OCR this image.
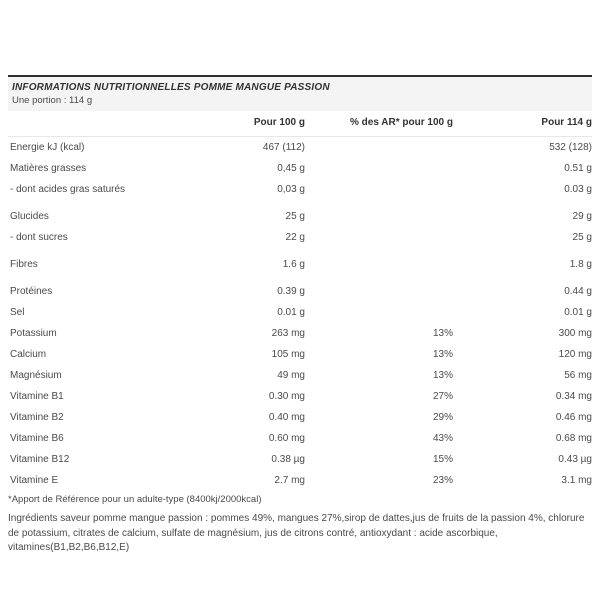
INFORMATIONS NUTRITIONNELLES POMME MANGUE PASSION
Une portion : 114 g
	Pour 100 g	% des AR* pour 100 g	Pour 114 g
Energie kJ (kcal)	467 (112)		532 (128)
Matières grasses	0,45 g		0.51 g
- dont acides gras saturés	0,03 g		0.03 g
Glucides	25 g		29 g
- dont sucres	22 g		25 g
Fibres	1.6 g		1.8 g
Protéines	0.39 g		0.44 g
Sel	0.01 g		0.01 g
Potassium	263 mg	13%	300 mg
Calcium	105 mg	13%	120 mg
Magnésium	49 mg	13%	56 mg
Vitamine B1	0.30 mg	27%	0.34 mg
Vitamine B2	0.40 mg	29%	0.46 mg
Vitamine B6	0.60 mg	43%	0.68 mg
Vitamine B12	0.38 µg	15%	0.43 µg
Vitamine E	2.7 mg	23%	3.1 mg
*Apport de Référence pour un adulte-type (8400kj/2000kcal)
Ingrédients saveur pomme mangue passion : pommes 49%, mangues 27%,sirop de dattes,jus de fruits de la passion 4%, chlorure de potassium, citrates de calcium, sulfate de magnésium, jus de citrons contré, antioxydant : acide ascorbique, vitamines(B1,B2,B6,B12,E)
